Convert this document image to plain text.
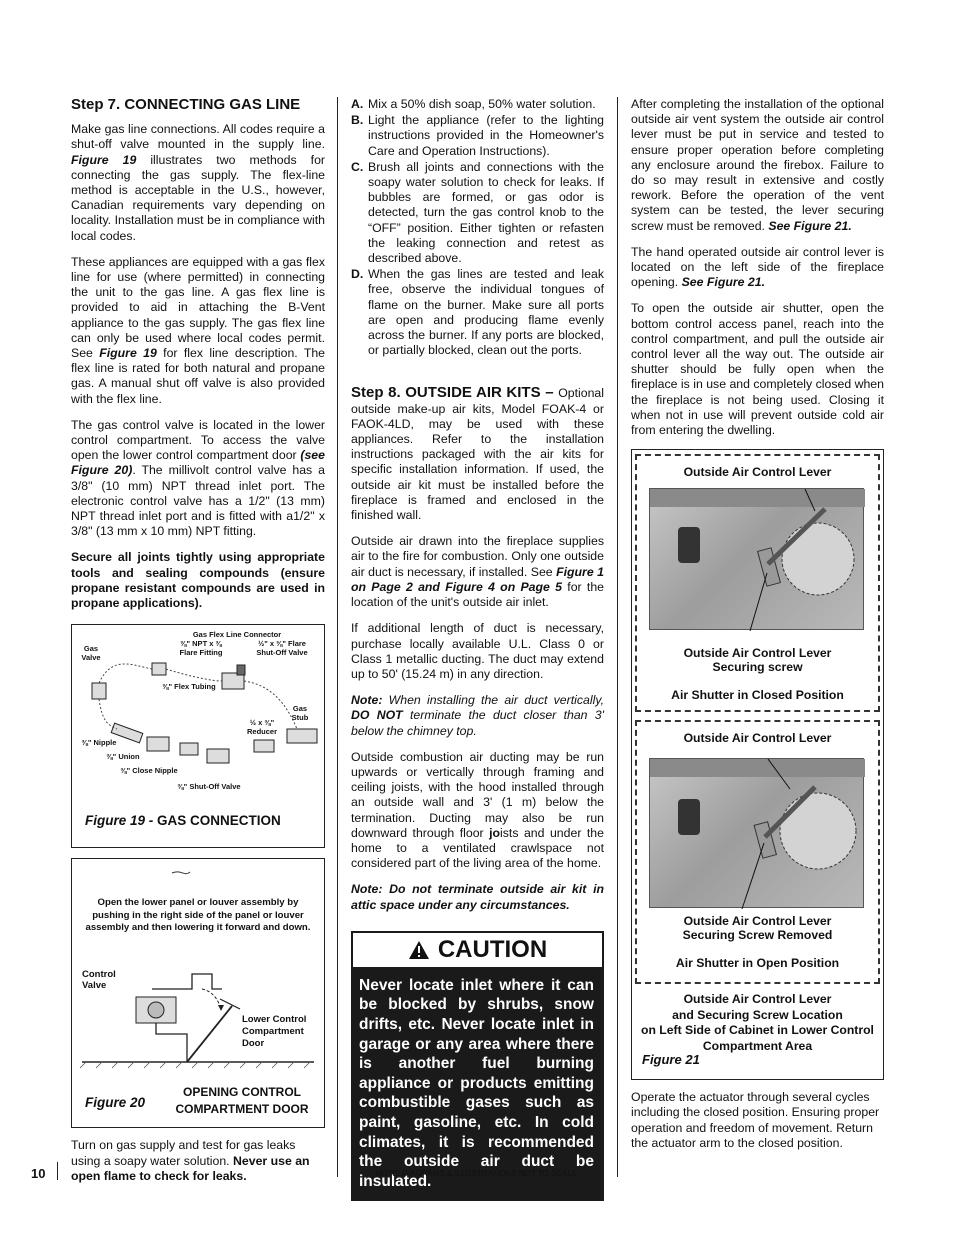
Step 7. CONNECTING GAS LINE

Make gas line connections. All codes require a shut-off valve mounted in the supply line. Figure 19 illustrates two methods for connecting the gas supply. The flex-line method is acceptable in the U.S., however, Canadian requirements vary depending on locality. Installation must be in compliance with local codes.

These appliances are equipped with a gas flex line for use (where permitted) in connecting the unit to the gas line. A gas flex line is provided to aid in attaching the B-Vent appliance to the gas supply. The gas flex line can only be used where local codes permit. See Figure 19 for flex line description. The flex line is rated for both natural and propane gas. A manual shut off valve is also provided with the flex line.

The gas control valve is located in the lower control compartment. To access the valve open the lower control compartment door (see Figure 20). The millivolt control valve has a 3/8" (10 mm) NPT thread inlet port. The electronic control valve has a 1/2" (13 mm) NPT thread inlet port and is fitted with a1/2" x 3/8" (13 mm x 10 mm) NPT fitting.

Secure all joints tightly using appropriate tools and sealing compounds (ensure propane resistant compounds are used in propane applications).

Gas Flex Line Connector
Gas
Valve
⅜" NPT x ⅜
Flare Fitting
½" x ⅜" Flare
Shut-Off Valve
⅜" Flex Tubing
Gas
Stub
½ x ⅜"
Reducer
⅜" Nipple
⅜" Union
⅜" Close Nipple
⅜" Shut-Off Valve
Figure 19 - GAS CONNECTION
Open the lower panel or louver assembly by pushing in the right side of the panel or louver assembly and then lowering it forward and down.
Control
Valve
Lower Control
Compartment
Door
Figure 20
OPENING CONTROL
COMPARTMENT DOOR

Turn on gas supply and test for gas leaks using a soapy water solution. Never use an open flame to check for leaks.

A. Mix a 50% dish soap, 50% water solution.
B. Light the appliance (refer to the lighting instructions provided in the Homeowner's Care and Operation Instructions).
C. Brush all joints and connections with the soapy water solution to check for leaks. If bubbles are formed, or gas odor is detected, turn the gas control knob to the “OFF” position. Either tighten or refasten the leaking connection and retest as described above.
D. When the gas lines are tested and leak free, observe the individual tongues of flame on the burner. Make sure all ports are open and producing flame evenly across the burner. If any ports are blocked, or partially blocked, clean out the ports.

Step 8. OUTSIDE AIR KITS – Optional outside make-up air kits, Model FOAK-4 or FAOK-4LD, may be used with these appliances. Refer to the installation instructions packaged with the air kits for specific installation information. If used, the outside air kit must be installed before the fireplace is framed and enclosed in the finished wall.

Outside air drawn into the fireplace supplies air to the fire for combustion. Only one outside air duct is necessary, if installed. See Figure 1 on Page 2 and Figure 4 on Page 5 for the location of the unit's outside air inlet.

If additional length of duct is necessary, purchase locally available U.L. Class 0 or Class 1 metallic ducting. The duct may extend up to 50' (15.24 m) in any direction.

Note: When installing the air duct vertically, DO NOT terminate the duct closer than 3' below the chimney top.

Outside combustion air ducting may be run upwards or vertically through framing and ceiling joists, with the hood installed through an outside wall and 3' (1 m) below the termination. Ducting may also be run downward through floor joists and under the home to a ventilated crawlspace not considered part of the living area of the home.

Note: Do not terminate outside air kit in attic space under any circumstances.

CAUTION
Never locate inlet where it can be blocked by shrubs, snow drifts, etc. Never locate inlet in garage or any area where there is another fuel burning appliance or products emitting combustible gases such as paint, gasoline, etc. In cold climates, it is recommended the outside air duct be insulated.

After completing the installation of the optional outside air vent system the outside air control lever must be put in service and tested to ensure proper operation before completing any enclosure around the firebox. Failure to do so may result in extensive and costly rework. Before the operation of the vent system can be tested, the lever securing screw must be removed. See Figure 21.

The hand operated outside air control lever is located on the left side of the fireplace opening. See Figure 21.

To open the outside air shutter, open the bottom control access panel, reach into the control compartment, and pull the outside air control lever all the way out. The outside air shutter should be fully open when the fireplace is in use and completely closed when the fireplace is not being used. Closing it when not in use will prevent outside cold air from entering the dwelling.

Outside Air Control Lever
Outside Air Control Lever
Securing screw
Air Shutter in Closed Position
Outside Air Control Lever
Outside Air Control Lever
Securing Screw Removed
Air Shutter in Open Position
Outside Air Control Lever
and Securing Screw Location
on Left Side of Cabinet in Lower Control
Compartment Area
Figure 21

Operate the actuator through several cycles including the closed position. Ensuring proper operation and freedom of movement. Return the actuator arm to the closed position.

10	NOTE: DIAGRAMS & ILLUSTRATIONS NOT TO SCALE.
